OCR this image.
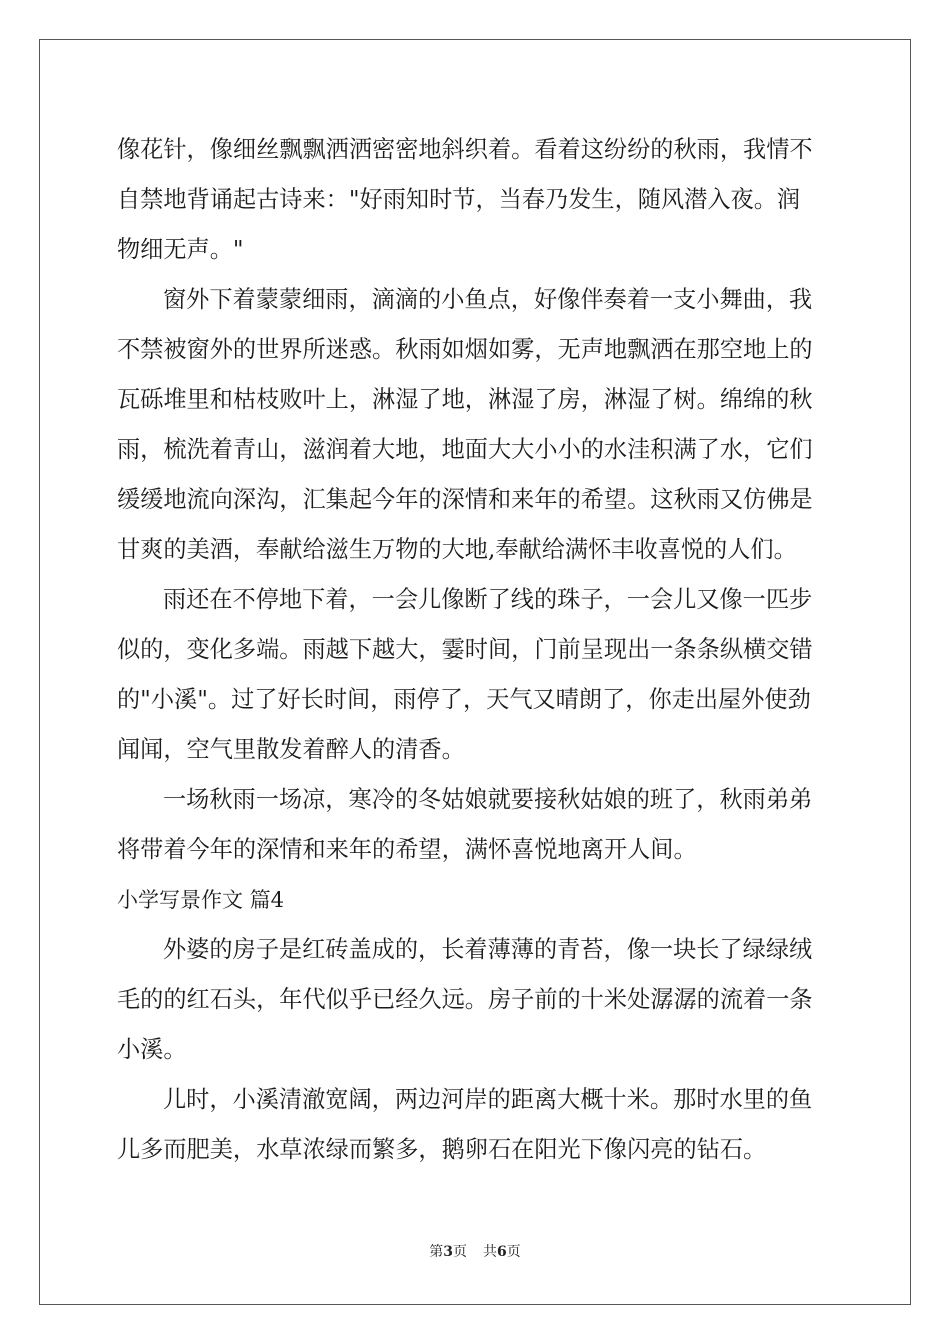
像花针，像细丝飘飘洒洒密密地斜织着。看着这纷纷的秋雨，我情不
自禁地背诵起古诗来："好雨知时节，当春乃发生，随风潜入夜。润
物细无声。"
窗外下着蒙蒙细雨，滴滴的小鱼点，好像伴奏着一支小舞曲，我
不禁被窗外的世界所迷惑。秋雨如烟如雾，无声地飘洒在那空地上的
瓦砾堆里和枯枝败叶上，淋湿了地，淋湿了房，淋湿了树。绵绵的秋
雨，梳洗着青山，滋润着大地，地面大大小小的水洼积满了水，它们
缓缓地流向深沟，汇集起今年的深情和来年的希望。这秋雨又仿佛是
甘爽的美酒，奉献给滋生万物的大地,奉献给满怀丰收喜悦的人们。
雨还在不停地下着，一会儿像断了线的珠子，一会儿又像一匹步
似的，变化多端。雨越下越大，霎时间，门前呈现出一条条纵横交错
的"小溪"。过了好长时间，雨停了，天气又晴朗了，你走出屋外使劲
闻闻，空气里散发着醉人的清香。
一场秋雨一场凉，寒冷的冬姑娘就要接秋姑娘的班了，秋雨弟弟
将带着今年的深情和来年的希望，满怀喜悦地离开人间。
小学写景作文 篇4
外婆的房子是红砖盖成的，长着薄薄的青苔，像一块长了绿绿绒
毛的的红石头，年代似乎已经久远。房子前的十米处潺潺的流着一条
小溪。
儿时，小溪清澈宽阔，两边河岸的距离大概十米。那时水里的鱼
儿多而肥美，水草浓绿而繁多，鹅卵石在阳光下像闪亮的钻石。
第3页 共6页
